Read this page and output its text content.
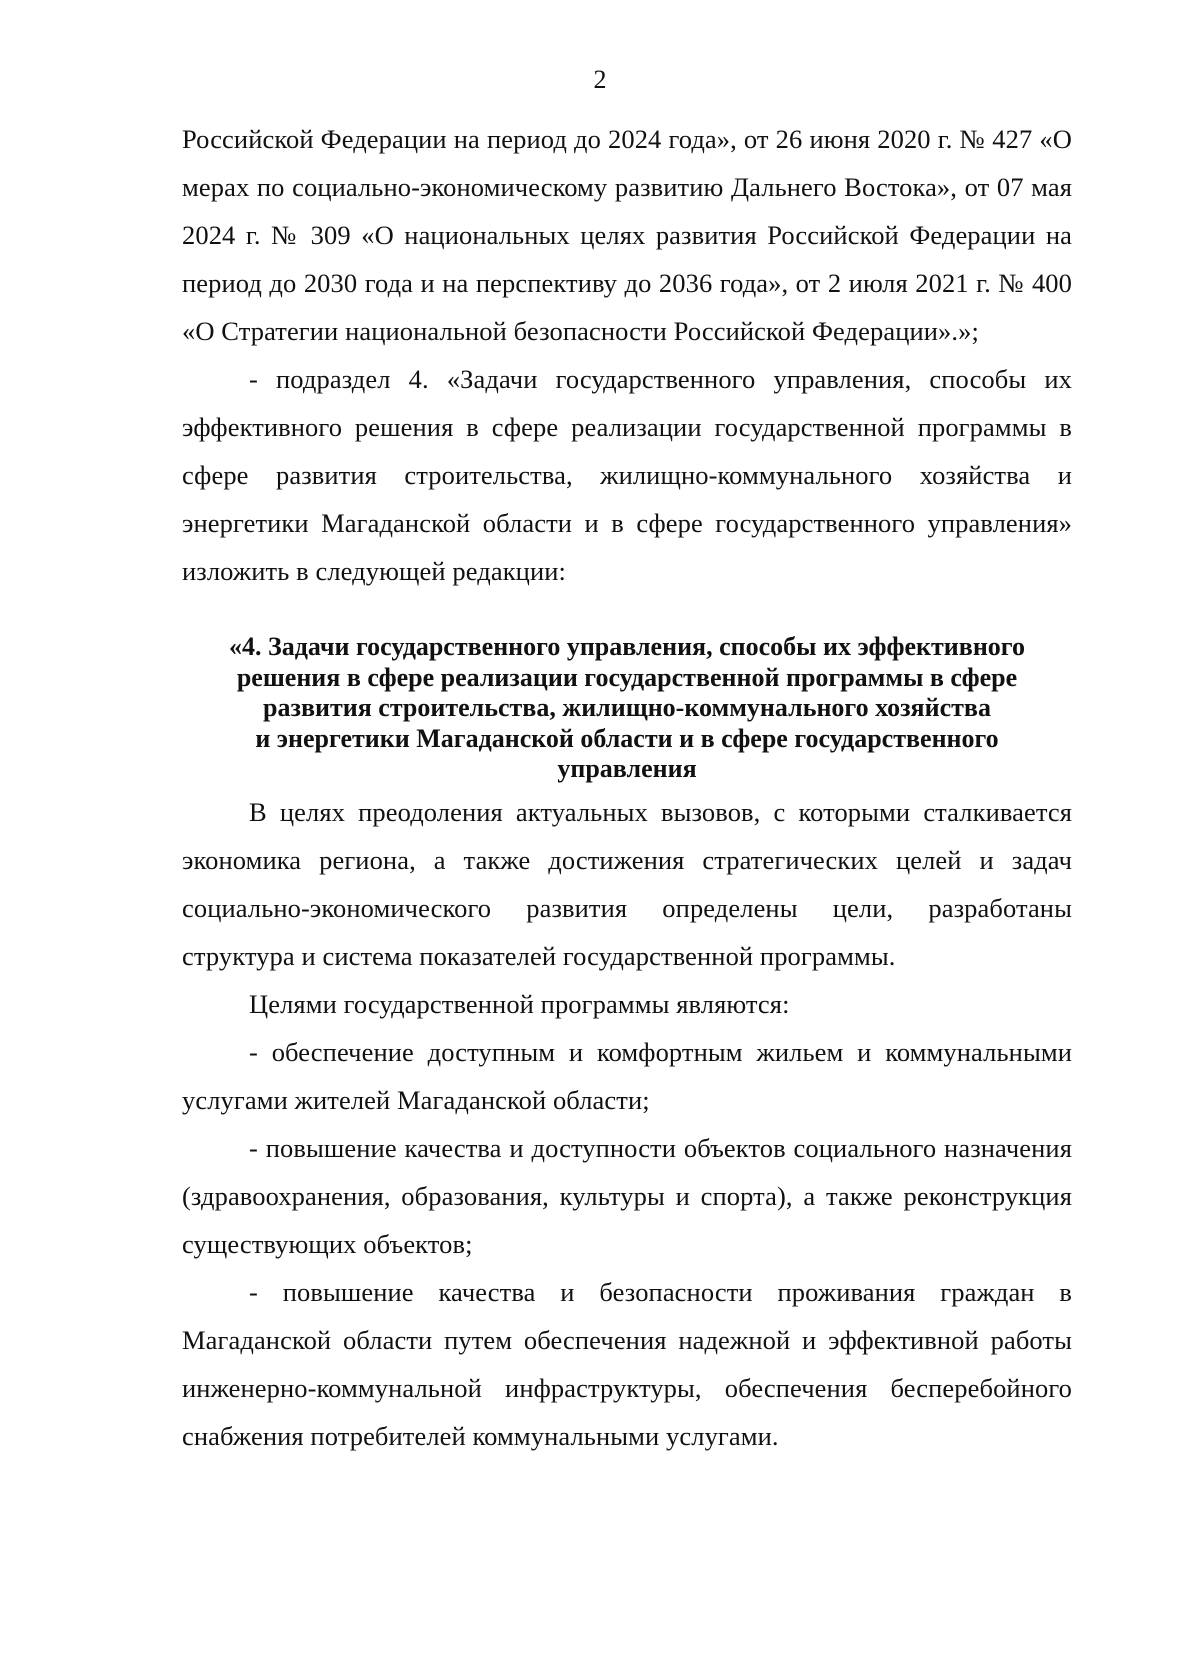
2

Российской Федерации на период до 2024 года», от 26 июня 2020 г. № 427 «О мерах по социально-экономическому развитию Дальнего Востока», от 07 мая 2024 г. № 309 «О национальных целях развития Российской Федерации на период до 2030 года и на перспективу до 2036 года», от 2 июля 2021 г. № 400 «О Стратегии национальной безопасности Российской Федерации».»;

- подраздел 4. «Задачи государственного управления, способы их эффективного решения в сфере реализации государственной программы в сфере развития строительства, жилищно-коммунального хозяйства и энергетики Магаданской области и в сфере государственного управления» изложить в следующей редакции:

«4. Задачи государственного управления, способы их эффективного
решения в сфере реализации государственной программы в сфере
развития строительства, жилищно-коммунального хозяйства
и энергетики Магаданской области и в сфере государственного
управления

В целях преодоления актуальных вызовов, с которыми сталкивается экономика региона, а также достижения стратегических целей и задач социально-экономического развития определены цели, разработаны структура и система показателей государственной программы.

Целями государственной программы являются:

- обеспечение доступным и комфортным жильем и коммунальными услугами жителей Магаданской области;

- повышение качества и доступности объектов социального назначения (здравоохранения, образования, культуры и спорта), а также реконструкция существующих объектов;

- повышение качества и безопасности проживания граждан в Магаданской области путем обеспечения надежной и эффективной работы инженерно-коммунальной инфраструктуры, обеспечения бесперебойного снабжения потребителей коммунальными услугами.
